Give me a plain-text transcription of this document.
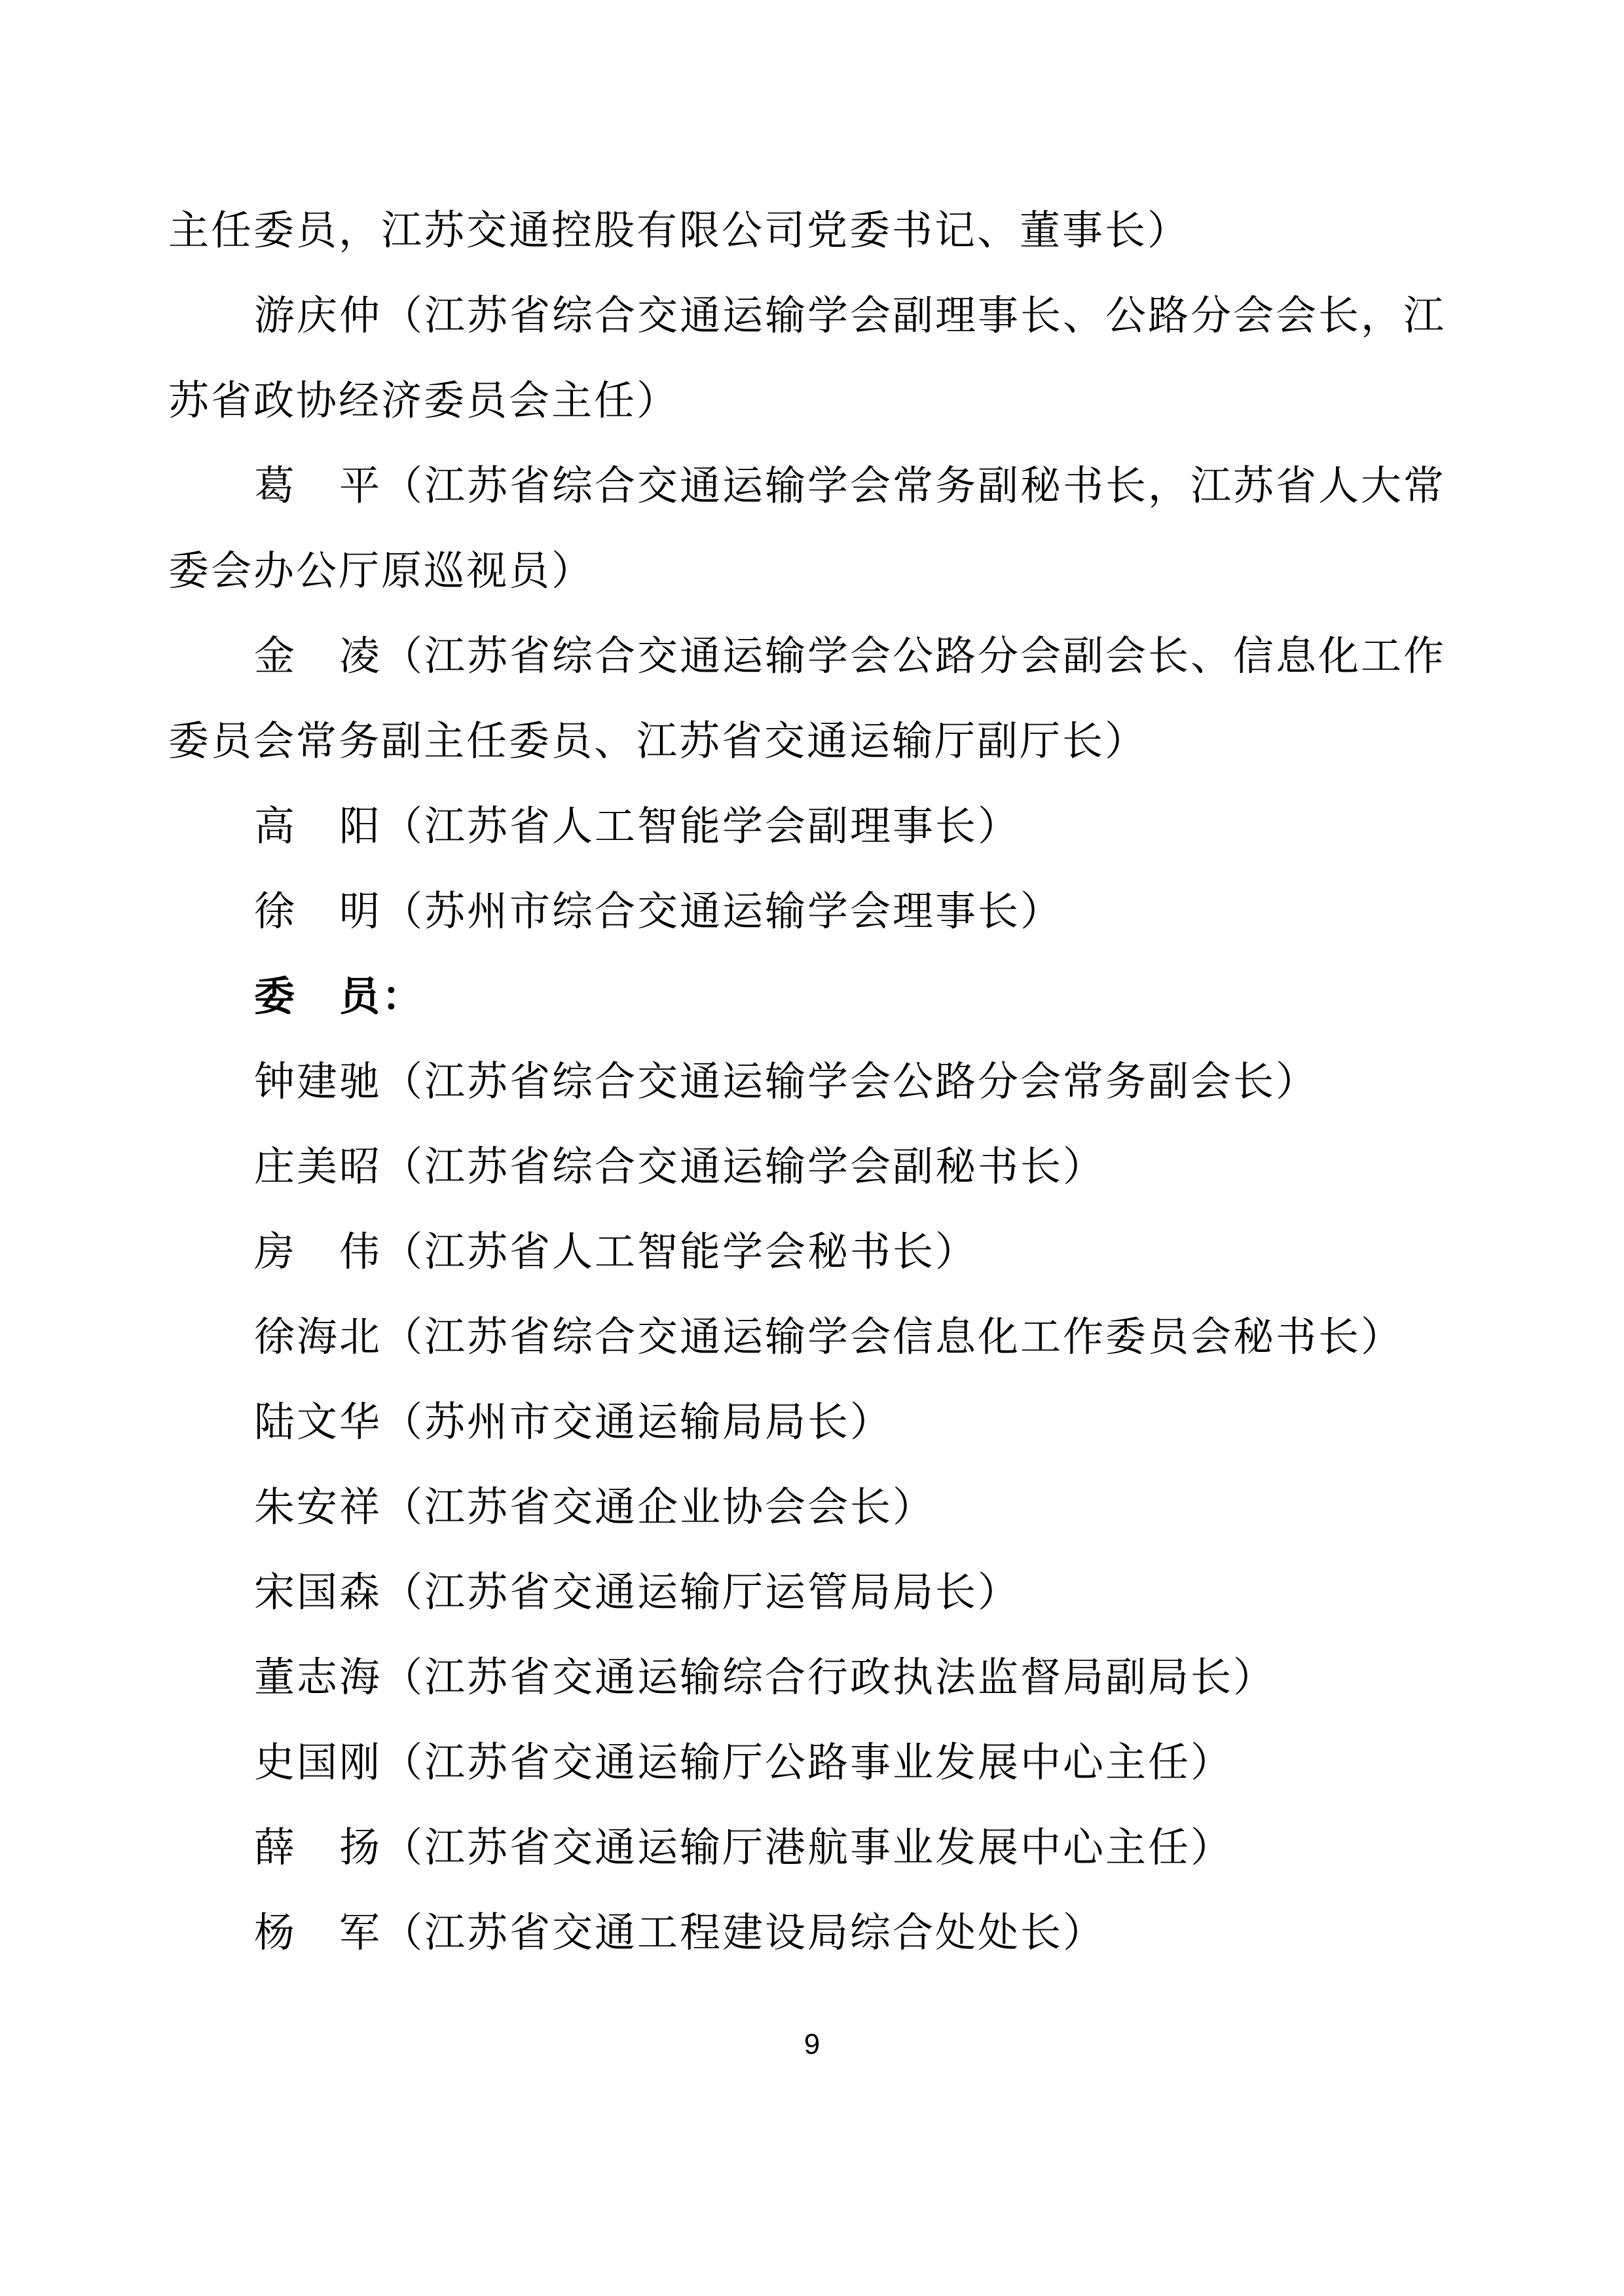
主任委员，江苏交通控股有限公司党委书记、董事长）
游庆仲（江苏省综合交通运输学会副理事长、公路分会会长，江
苏省政协经济委员会主任）
葛　平（江苏省综合交通运输学会常务副秘书长，江苏省人大常
委会办公厅原巡视员）
金　凌（江苏省综合交通运输学会公路分会副会长、信息化工作
委员会常务副主任委员、江苏省交通运输厅副厅长）
高　阳（江苏省人工智能学会副理事长）
徐　明（苏州市综合交通运输学会理事长）
委　员：
钟建驰（江苏省综合交通运输学会公路分会常务副会长）
庄美昭（江苏省综合交通运输学会副秘书长）
房　伟（江苏省人工智能学会秘书长）
徐海北（江苏省综合交通运输学会信息化工作委员会秘书长）
陆文华（苏州市交通运输局局长）
朱安祥（江苏省交通企业协会会长）
宋国森（江苏省交通运输厅运管局局长）
董志海（江苏省交通运输综合行政执法监督局副局长）
史国刚（江苏省交通运输厅公路事业发展中心主任）
薛　扬（江苏省交通运输厅港航事业发展中心主任）
杨　军（江苏省交通工程建设局综合处处长）
9
